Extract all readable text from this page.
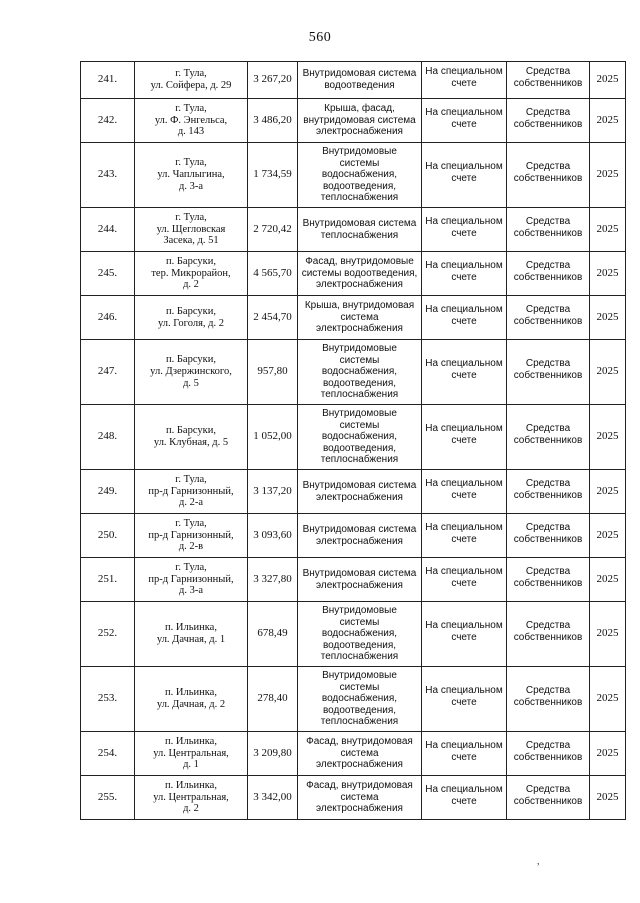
560
241.	г. Тула,
ул. Сойфера, д. 29	3 267,20	Внутридомовая система
водоотведения	На специальном
счете	Средства
собственников	2025
242.	г. Тула,
ул. Ф. Энгельса,
д. 143	3 486,20	Крыша, фасад,
внутридомовая система
электроснабжения	На специальном
счете	Средства
собственников	2025
243.	г. Тула,
ул. Чаплыгина,
д. 3-а	1 734,59	Внутридомовые
системы
водоснабжения,
водоотведения,
теплоснабжения	На специальном
счете	Средства
собственников	2025
244.	г. Тула,
ул. Щегловская
Засека, д. 51	2 720,42	Внутридомовая система
теплоснабжения	На специальном
счете	Средства
собственников	2025
245.	п. Барсуки,
тер. Микрорайон,
д. 2	4 565,70	Фасад, внутридомовые
системы водоотведения,
электроснабжения	На специальном
счете	Средства
собственников	2025
246.	п. Барсуки,
ул. Гоголя, д. 2	2 454,70	Крыша, внутридомовая
система
электроснабжения	На специальном
счете	Средства
собственников	2025
247.	п. Барсуки,
ул. Дзержинского,
д. 5	957,80	Внутридомовые
системы
водоснабжения,
водоотведения,
теплоснабжения	На специальном
счете	Средства
собственников	2025
248.	п. Барсуки,
ул. Клубная, д. 5	1 052,00	Внутридомовые
системы
водоснабжения,
водоотведения,
теплоснабжения	На специальном
счете	Средства
собственников	2025
249.	г. Тула,
пр-д Гарнизонный,
д. 2-а	3 137,20	Внутридомовая система
электроснабжения	На специальном
счете	Средства
собственников	2025
250.	г. Тула,
пр-д Гарнизонный,
д. 2-в	3 093,60	Внутридомовая система
электроснабжения	На специальном
счете	Средства
собственников	2025
251.	г. Тула,
пр-д Гарнизонный,
д. 3-а	3 327,80	Внутридомовая система
электроснабжения	На специальном
счете	Средства
собственников	2025
252.	п. Ильинка,
ул. Дачная, д. 1	678,49	Внутридомовые
системы
водоснабжения,
водоотведения,
теплоснабжения	На специальном
счете	Средства
собственников	2025
253.	п. Ильинка,
ул. Дачная, д. 2	278,40	Внутридомовые
системы
водоснабжения,
водоотведения,
теплоснабжения	На специальном
счете	Средства
собственников	2025
254.	п. Ильинка,
ул. Центральная,
д. 1	3 209,80	Фасад, внутридомовая
система
электроснабжения	На специальном
счете	Средства
собственников	2025
255.	п. Ильинка,
ул. Центральная,
д. 2	3 342,00	Фасад, внутридомовая
система
электроснабжения	На специальном
счете	Средства
собственников	2025
,
